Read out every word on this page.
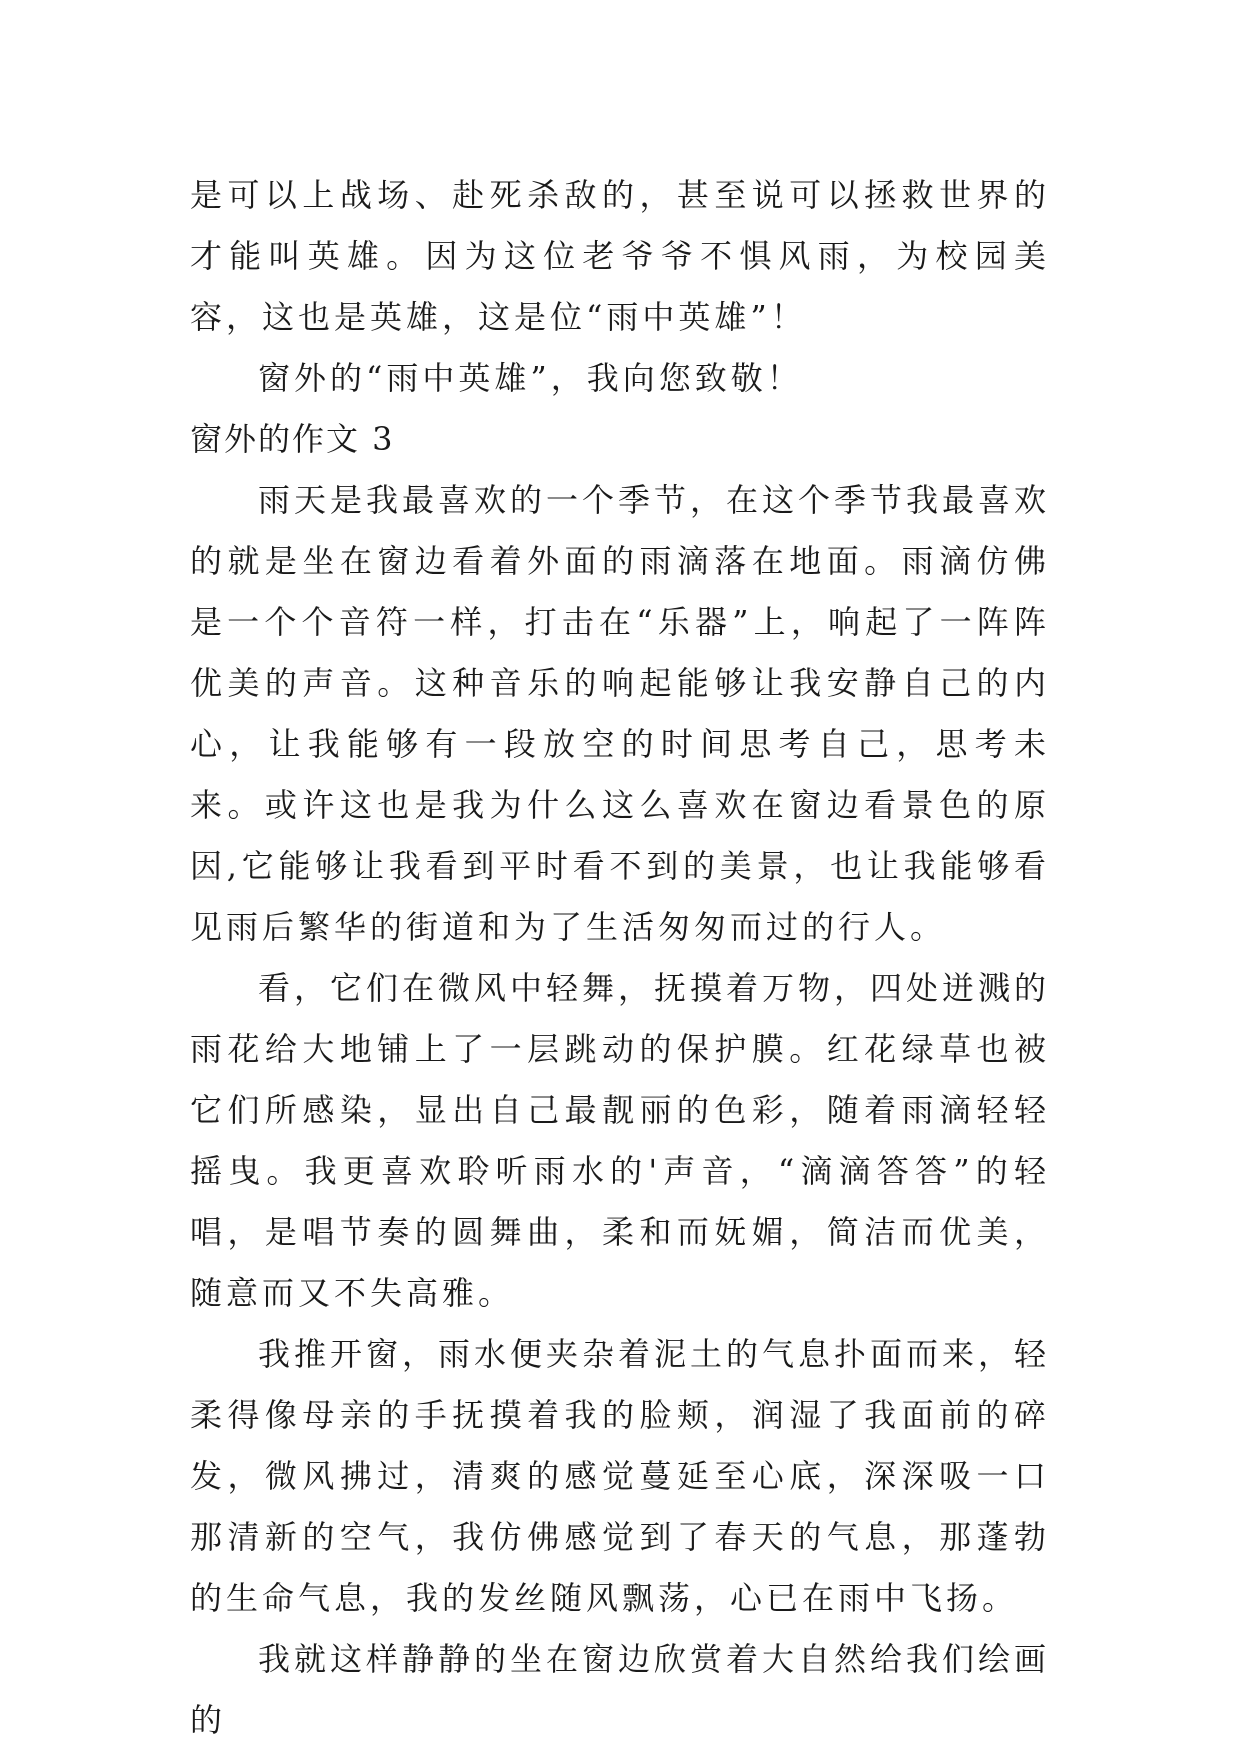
是可以上战场、赴死杀敌的，甚至说可以拯救世界的才能叫英雄。因为这位老爷爷不惧风雨，为校园美容，这也是英雄，这是位“雨中英雄”！

窗外的“雨中英雄”，我向您致敬！

窗外的作文 3

雨天是我最喜欢的一个季节，在这个季节我最喜欢的就是坐在窗边看着外面的雨滴落在地面。雨滴仿佛是一个个音符一样，打击在“乐器”上，响起了一阵阵优美的声音。这种音乐的响起能够让我安静自己的内心，让我能够有一段放空的时间思考自己，思考未来。或许这也是我为什么这么喜欢在窗边看景色的原因,它能够让我看到平时看不到的美景，也让我能够看见雨后繁华的街道和为了生活匆匆而过的行人。

看，它们在微风中轻舞，抚摸着万物，四处迸溅的雨花给大地铺上了一层跳动的保护膜。红花绿草也被它们所感染，显出自己最靓丽的色彩，随着雨滴轻轻摇曳。我更喜欢聆听雨水的'声音，“滴滴答答”的轻唱，是唱节奏的圆舞曲，柔和而妩媚，简洁而优美，随意而又不失高雅。

我推开窗，雨水便夹杂着泥土的气息扑面而来，轻柔得像母亲的手抚摸着我的脸颊，润湿了我面前的碎发，微风拂过，清爽的感觉蔓延至心底，深深吸一口那清新的空气，我仿佛感觉到了春天的气息，那蓬勃的生命气息，我的发丝随风飘荡，心已在雨中飞扬。

我就这样静静的坐在窗边欣赏着大自然给我们绘画的
